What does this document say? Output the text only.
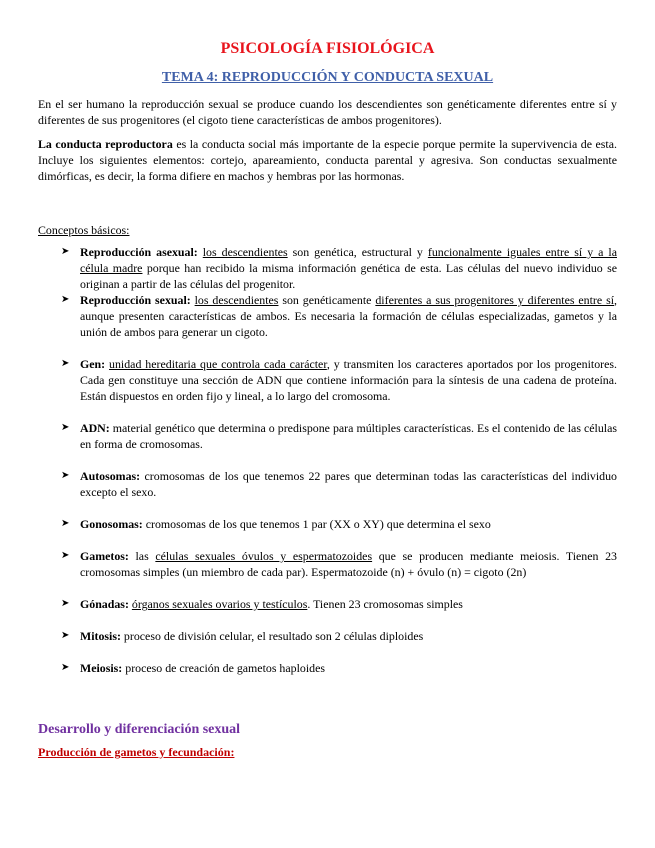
PSICOLOGÍA FISIOLÓGICA
TEMA 4: REPRODUCCIÓN Y CONDUCTA SEXUAL

En el ser humano la reproducción sexual se produce cuando los descendientes son genéticamente diferentes entre sí y diferentes de sus progenitores (el cigoto tiene características de ambos progenitores).

La conducta reproductora es la conducta social más importante de la especie porque permite la supervivencia de esta. Incluye los siguientes elementos: cortejo, apareamiento, conducta parental y agresiva. Son conductas sexualmente dimórficas, es decir, la forma difiere en machos y hembras por las hormonas.

Conceptos básicos:
➤ Reproducción asexual: los descendientes son genética, estructural y funcionalmente iguales entre sí y a la célula madre porque han recibido la misma información genética de esta. Las células del nuevo individuo se originan a partir de las células del progenitor.
➤ Reproducción sexual: los descendientes son genéticamente diferentes a sus progenitores y diferentes entre sí, aunque presenten características de ambos. Es necesaria la formación de células especializadas, gametos y la unión de ambos para generar un cigoto.
➤ Gen: unidad hereditaria que controla cada carácter, y transmiten los caracteres aportados por los progenitores. Cada gen constituye una sección de ADN que contiene información para la síntesis de una cadena de proteína. Están dispuestos en orden fijo y lineal, a lo largo del cromosoma.
➤ ADN: material genético que determina o predispone para múltiples características. Es el contenido de las células en forma de cromosomas.
➤ Autosomas: cromosomas de los que tenemos 22 pares que determinan todas las características del individuo excepto el sexo.
➤ Gonosomas: cromosomas de los que tenemos 1 par (XX o XY) que determina el sexo
➤ Gametos: las células sexuales óvulos y espermatozoides que se producen mediante meiosis. Tienen 23 cromosomas simples (un miembro de cada par). Espermatozoide (n) + óvulo (n) = cigoto (2n)
➤ Gónadas: órganos sexuales ovarios y testículos. Tienen 23 cromosomas simples
➤ Mitosis: proceso de división celular, el resultado son 2 células diploides
➤ Meiosis: proceso de creación de gametos haploides
Desarrollo y diferenciación sexual
Producción de gametos y fecundación:
